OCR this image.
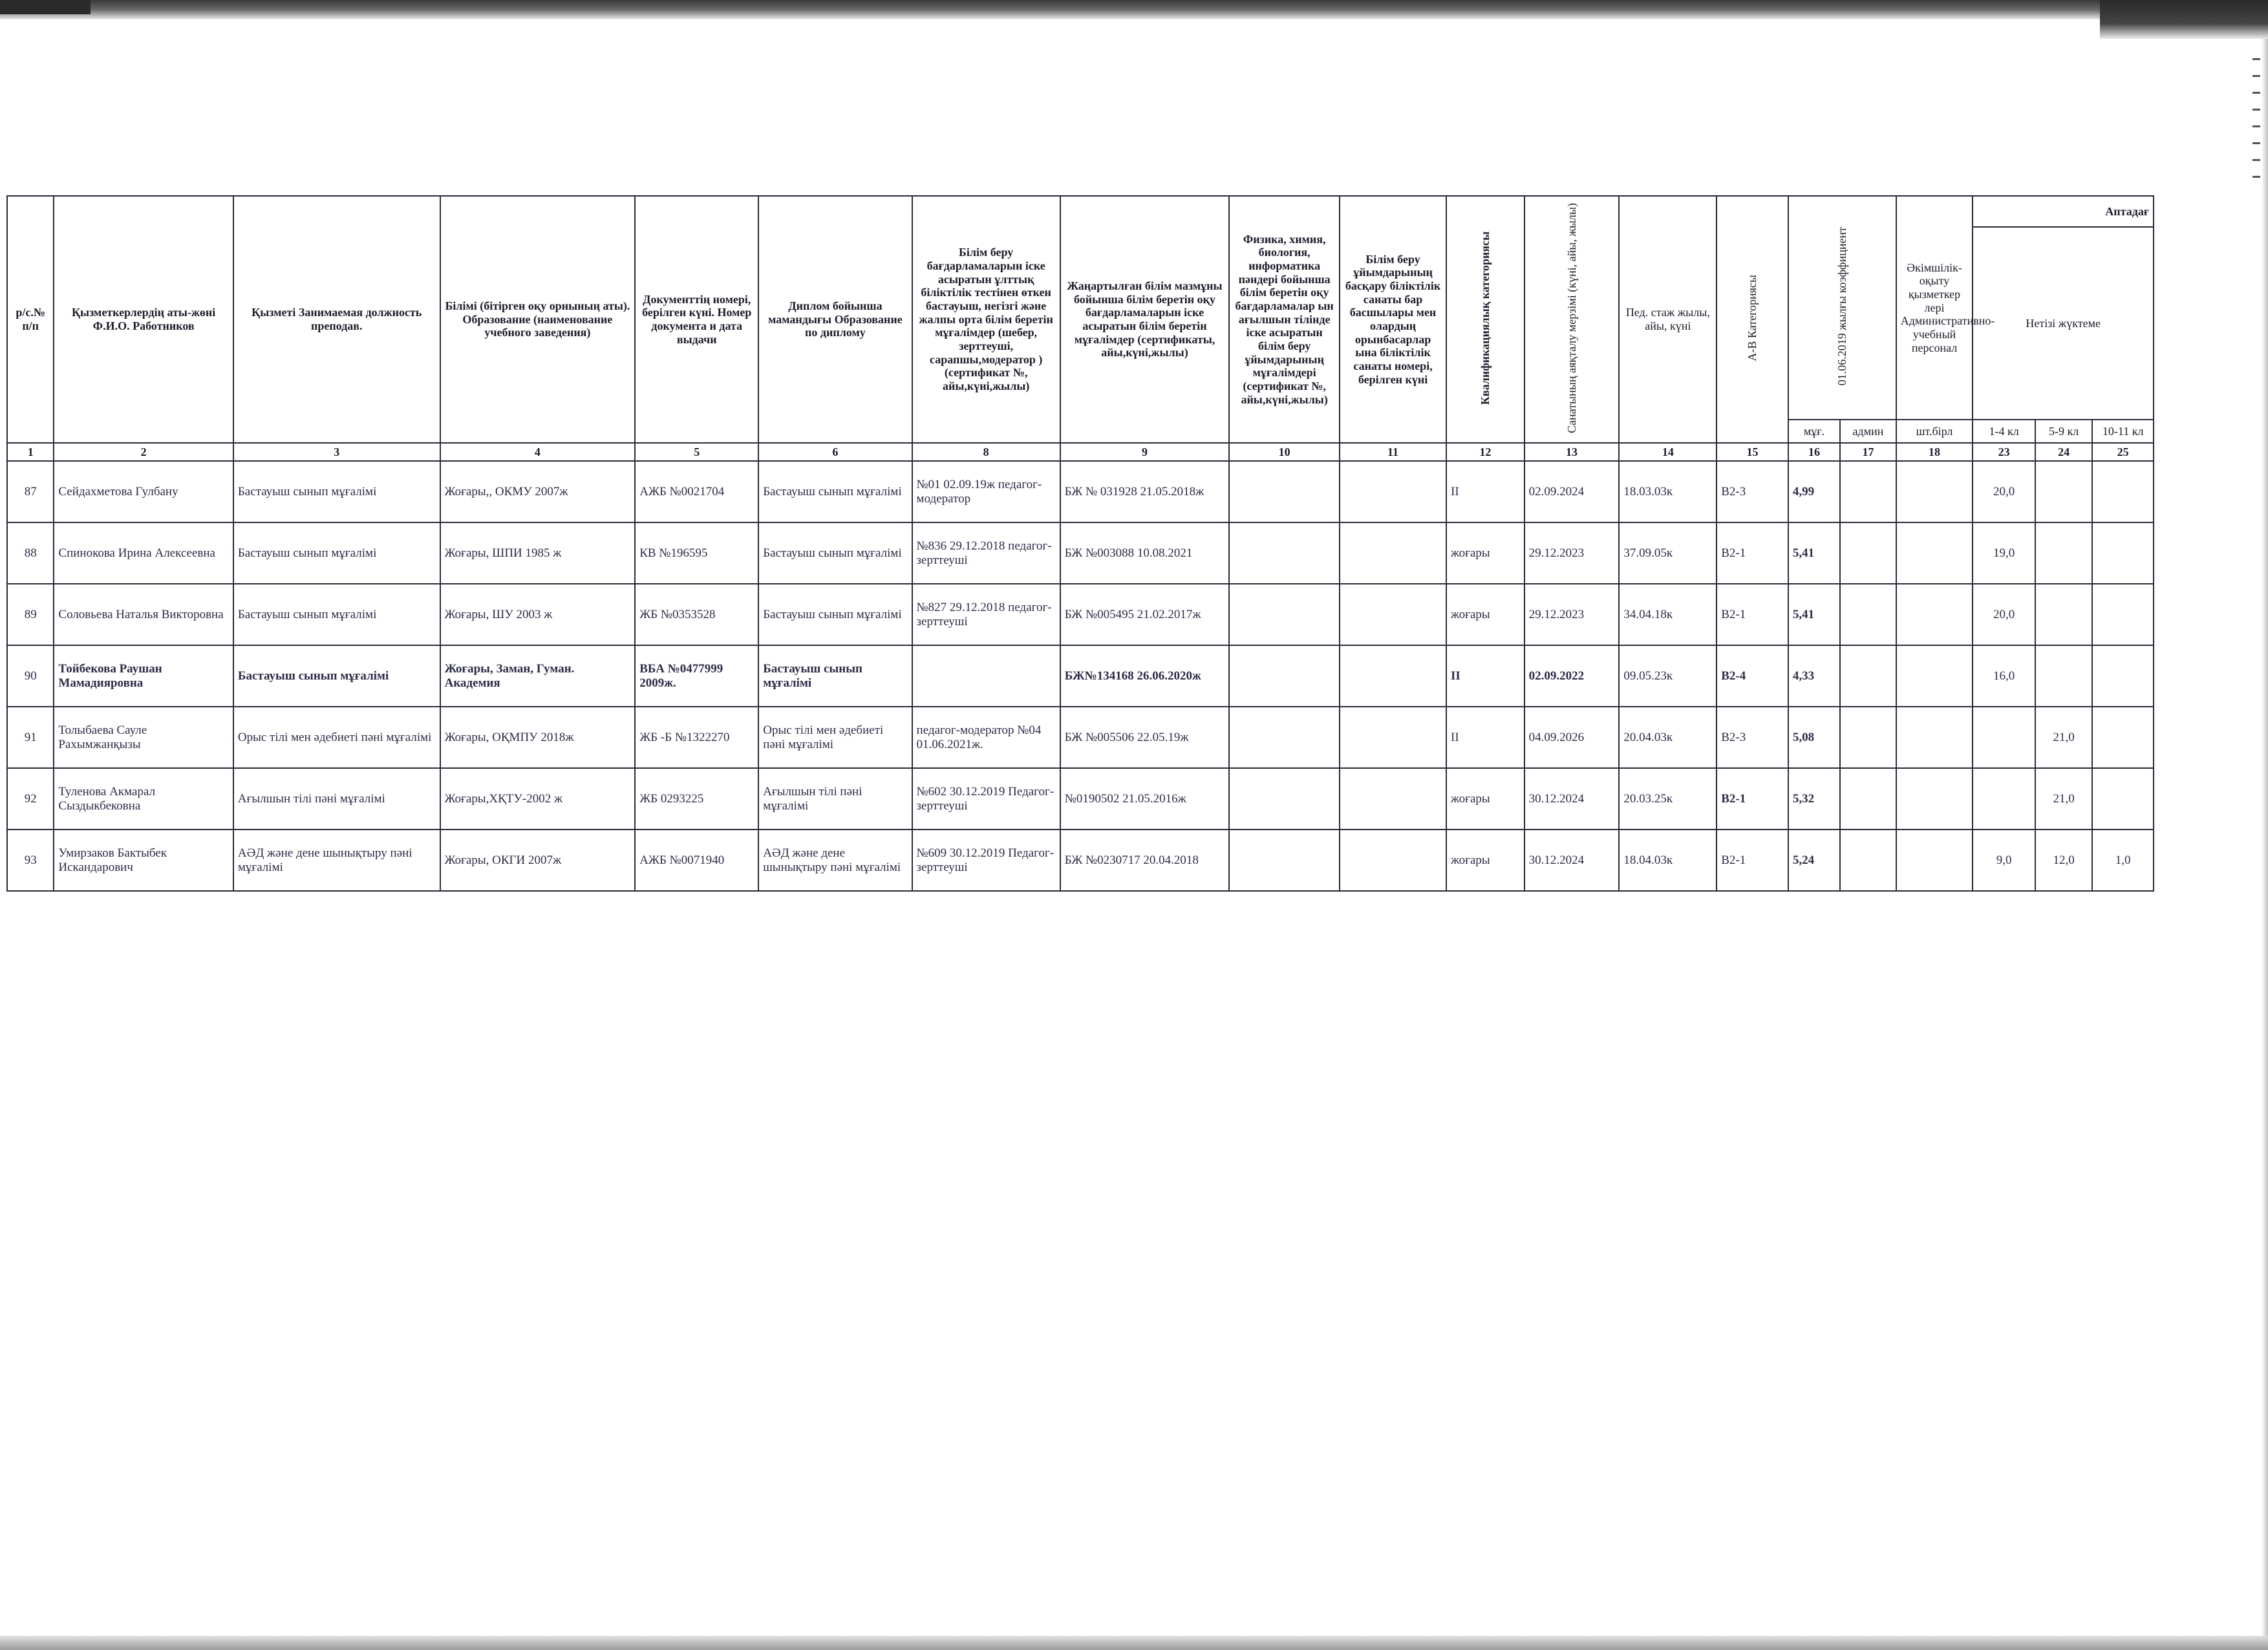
р/с.№ п/п	Қызметкерлердің аты-жөні Ф.И.О. Работников	Қызметі Занимаемая должность преподав.	Білімі (бітірген оқу орнының аты). Образование (наименование учебного заведения)	Документтің номері, берілген күні. Номер документа и дата выдачи	Диплом бойынша мамандығы Образование по диплому	Білім беру бағдарламаларын іске асыратын ұлттық біліктілік тестінен өткен бастауыш, негізгі және жалпы орта білім беретін мұғалімдер (шебер, зерттеуші, сарапшы,модератор )(сертификат №, айы,күні,жылы)	Жаңартылған білім мазмұны бойынша білім беретін оқу бағдарламаларын іске асыратын білім беретін мұғалімдер (сертификаты, айы,күні,жылы)	Физика, химия, биология, информатика пәндері бойынша білім беретін оқу бағдарламалар ын ағылшын тілінде іске асыратын білім беру ұйымдарының мұғалімдері (сертификат №, айы,күні,жылы)	Білім беру ұйымдарының басқару біліктілік санаты бар басшылары мен олардың орынбасарлар ына біліктілік санаты номері, берілген күні	Квалификациялық категориясы	Санатының аяқталу мерзімі (күні, айы, жылы)	Пед. стаж жылы, айы, күні	А-В Категориясы	01.06.2019 жылғы коэффициент		Әкімшілік-оқыту қызметкер лері Административно-учебный персонал	Аптадағ		
																	Нетізі жүктеме		
														мұғ.	админ	шт.бірл	1-4 кл	5-9 кл	10-11 кл
1	2	3	4	5	6	8	9	10	11	12	13	14	15	16	17	18	23	24	25
87	Сейдахметова Гулбану	Бастауыш сынып мұғалімі	Жоғары,, ОКМУ 2007ж	АЖБ №0021704	Бастауыш сынып мұғалімі	№01 02.09.19ж педагог-модератор	БЖ № 031928 21.05.2018ж			II	02.09.2024	18.03.03к	В2-3	4,99			20,0		
88	Спинокова Ирина Алексеевна	Бастауыш сынып мұғалімі	Жоғары, ШПИ 1985 ж	КВ №196595	Бастауыш сынып мұғалімі	№836 29.12.2018 педагог-зерттеуші	БЖ №003088 10.08.2021			жоғары	29.12.2023	37.09.05к	В2-1	5,41			19,0		
89	Соловьева Наталья Викторовна	Бастауыш сынып мұғалімі	Жоғары, ШУ 2003 ж	ЖБ №0353528	Бастауыш сынып мұғалімі	№827 29.12.2018 педагог-зерттеуші	БЖ №005495 21.02.2017ж			жоғары	29.12.2023	34.04.18к	В2-1	5,41			20,0		
90	Тойбекова Раушан Мамадияровна	Бастауыш сынып мұғалімі	Жоғары, Заман, Гуман. Академия	ВБА №0477999 2009ж.	Бастауыш сынып мұғалімі		БЖ№134168 26.06.2020ж			II	02.09.2022	09.05.23к	В2-4	4,33			16,0		
91	Толыбаева Сауле Рахымжанқызы	Орыс тілі мен әдебиеті пәні мұғалімі	Жоғары, ОҚМПУ 2018ж	ЖБ -Б №1322270	Орыс тілі мен әдебиеті пәні мұғалімі	педагог-модератор №04 01.06.2021ж.	БЖ №005506 22.05.19ж			II	04.09.2026	20.04.03к	В2-3	5,08				21,0	
92	Туленова Акмарал Сыздыкбековна	Ағылшын тілі пәні мұғалімі	Жоғары,ХҚТУ-2002 ж	ЖБ 0293225	Ағылшын тілі пәні мұғалімі	№602 30.12.2019 Педагог-зерттеуші	№0190502 21.05.2016ж			жоғары	30.12.2024	20.03.25к	В2-1	5,32				21,0	
93	Умирзаков Бактыбек Искандарович	АӘД және дене шынықтыру пәні мұғалімі	Жоғары, ОКГИ 2007ж	АЖБ №0071940	АӘД және дене шынықтыру пәні мұғалімі	№609 30.12.2019 Педагог-зерттеуші	БЖ №0230717 20.04.2018			жоғары	30.12.2024	18.04.03к	В2-1	5,24			9,0	12,0	1,0
